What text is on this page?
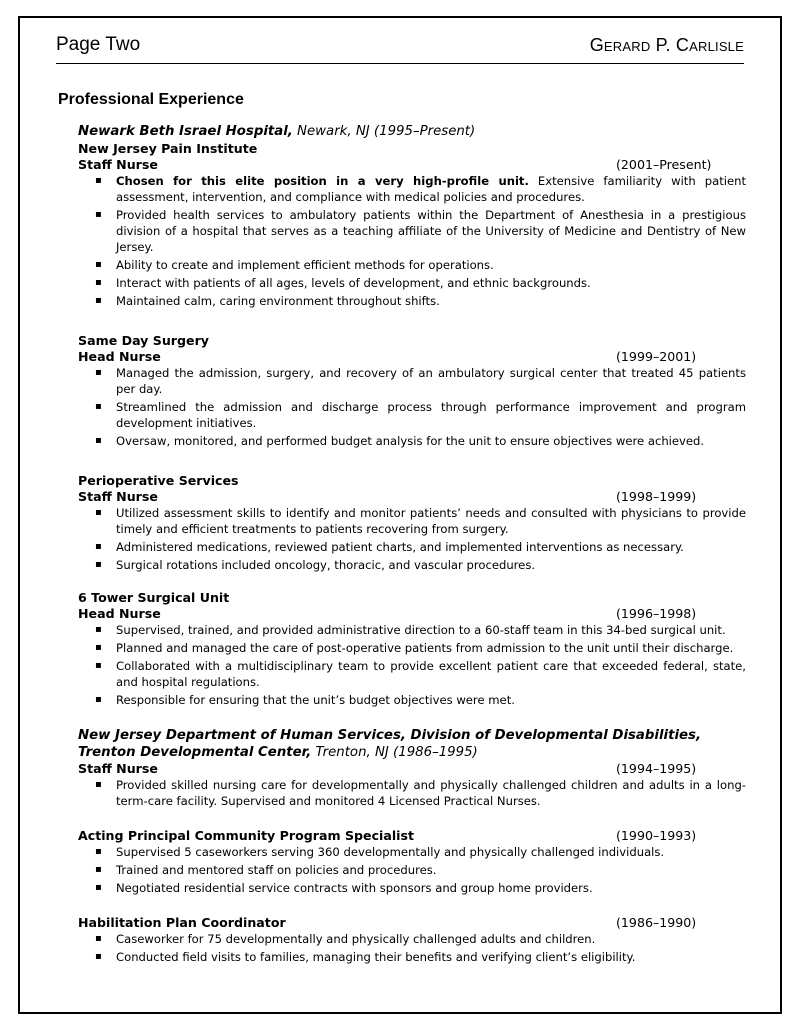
Page Two	Gerard P. Carlisle
Professional Experience
Newark Beth Israel Hospital, Newark, NJ (1995–Present)
New Jersey Pain Institute
Staff Nurse	(2001–Present)
▪ Chosen for this elite position in a very high-profile unit. Extensive familiarity with patient assessment, intervention, and compliance with medical policies and procedures.
▪ Provided health services to ambulatory patients within the Department of Anesthesia in a prestigious division of a hospital that serves as a teaching affiliate of the University of Medicine and Dentistry of New Jersey.
▪ Ability to create and implement efficient methods for operations.
▪ Interact with patients of all ages, levels of development, and ethnic backgrounds.
▪ Maintained calm, caring environment throughout shifts.
Same Day Surgery
Head Nurse	(1999–2001)
▪ Managed the admission, surgery, and recovery of an ambulatory surgical center that treated 45 patients per day.
▪ Streamlined the admission and discharge process through performance improvement and program development initiatives.
▪ Oversaw, monitored, and performed budget analysis for the unit to ensure objectives were achieved.
Perioperative Services
Staff Nurse	(1998–1999)
▪ Utilized assessment skills to identify and monitor patients’ needs and consulted with physicians to provide timely and efficient treatments to patients recovering from surgery.
▪ Administered medications, reviewed patient charts, and implemented interventions as necessary.
▪ Surgical rotations included oncology, thoracic, and vascular procedures.
6 Tower Surgical Unit
Head Nurse	(1996–1998)
▪ Supervised, trained, and provided administrative direction to a 60-staff team in this 34-bed surgical unit.
▪ Planned and managed the care of post-operative patients from admission to the unit until their discharge.
▪ Collaborated with a multidisciplinary team to provide excellent patient care that exceeded federal, state, and hospital regulations.
▪ Responsible for ensuring that the unit’s budget objectives were met.
New Jersey Department of Human Services, Division of Developmental Disabilities, Trenton Developmental Center, Trenton, NJ (1986–1995)
Staff Nurse	(1994–1995)
▪ Provided skilled nursing care for developmentally and physically challenged children and adults in a long-term-care facility. Supervised and monitored 4 Licensed Practical Nurses.
Acting Principal Community Program Specialist	(1990–1993)
▪ Supervised 5 caseworkers serving 360 developmentally and physically challenged individuals.
▪ Trained and mentored staff on policies and procedures.
▪ Negotiated residential service contracts with sponsors and group home providers.
Habilitation Plan Coordinator	(1986–1990)
▪ Caseworker for 75 developmentally and physically challenged adults and children.
▪ Conducted field visits to families, managing their benefits and verifying client’s eligibility.
